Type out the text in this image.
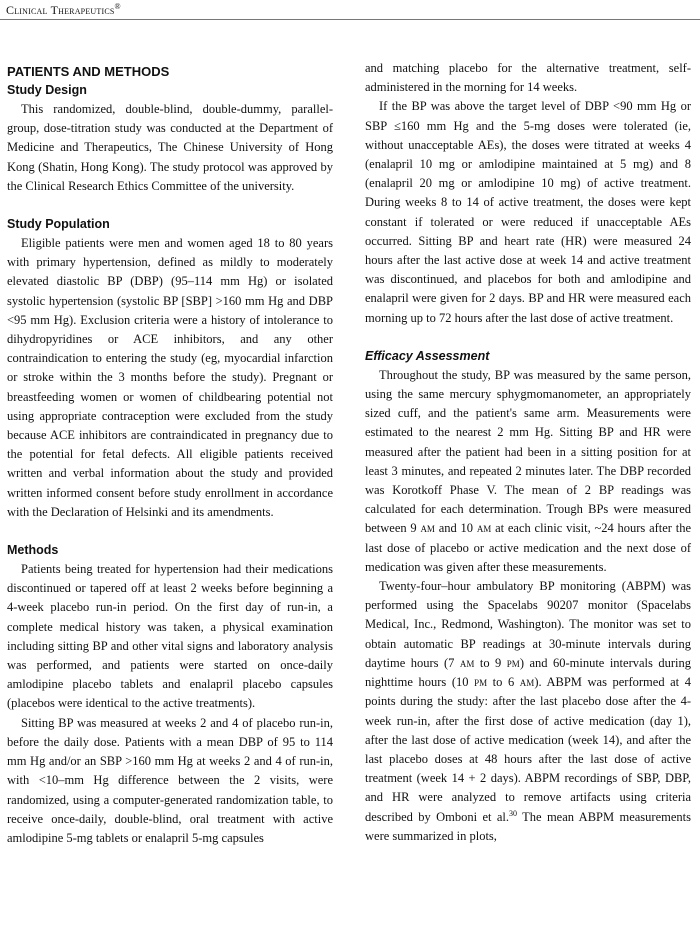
Clinical Therapeutics®
PATIENTS AND METHODS
Study Design

This randomized, double-blind, double-dummy, parallel-group, dose-titration study was conducted at the Department of Medicine and Therapeutics, The Chinese University of Hong Kong (Shatin, Hong Kong). The study protocol was approved by the Clinical Research Ethics Committee of the university.

Study Population

Eligible patients were men and women aged 18 to 80 years with primary hypertension, defined as mildly to moderately elevated diastolic BP (DBP) (95–114 mm Hg) or isolated systolic hypertension (systolic BP [SBP] >160 mm Hg and DBP <95 mm Hg). Exclusion criteria were a history of intolerance to dihydropyridines or ACE inhibitors, and any other contraindication to entering the study (eg, myocardial infarction or stroke within the 3 months before the study). Pregnant or breastfeeding women or women of childbearing potential not using appropriate contraception were excluded from the study because ACE inhibitors are contraindicated in pregnancy due to the potential for fetal defects. All eligible patients received written and verbal information about the study and provided written informed consent before study enrollment in accordance with the Declaration of Helsinki and its amendments.

Methods

Patients being treated for hypertension had their medications discontinued or tapered off at least 2 weeks before beginning a 4-week placebo run-in period. On the first day of run-in, a complete medical history was taken, a physical examination including sitting BP and other vital signs and laboratory analysis was performed, and patients were started on once-daily amlodipine placebo tablets and enalapril placebo capsules (placebos were identical to the active treatments).

Sitting BP was measured at weeks 2 and 4 of placebo run-in, before the daily dose. Patients with a mean DBP of 95 to 114 mm Hg and/or an SBP >160 mm Hg at weeks 2 and 4 of run-in, with <10–mm Hg difference between the 2 visits, were randomized, using a computer-generated randomization table, to receive once-daily, double-blind, oral treatment with active amlodipine 5-mg tablets or enalapril 5-mg capsules

and matching placebo for the alternative treatment, self-administered in the morning for 14 weeks.

If the BP was above the target level of DBP <90 mm Hg or SBP ≤160 mm Hg and the 5-mg doses were tolerated (ie, without unacceptable AEs), the doses were titrated at weeks 4 (enalapril 10 mg or amlodipine maintained at 5 mg) and 8 (enalapril 20 mg or amlodipine 10 mg) of active treatment. During weeks 8 to 14 of active treatment, the doses were kept constant if tolerated or were reduced if unacceptable AEs occurred. Sitting BP and heart rate (HR) were measured 24 hours after the last active dose at week 14 and active treatment was discontinued, and placebos for both and amlodipine and enalapril were given for 2 days. BP and HR were measured each morning up to 72 hours after the last dose of active treatment.

Efficacy Assessment

Throughout the study, BP was measured by the same person, using the same mercury sphygmomanometer, an appropriately sized cuff, and the patient's same arm. Measurements were estimated to the nearest 2 mm Hg. Sitting BP and HR were measured after the patient had been in a sitting position for at least 3 minutes, and repeated 2 minutes later. The DBP recorded was Korotkoff Phase V. The mean of 2 BP readings was calculated for each determination. Trough BPs were measured between 9 am and 10 am at each clinic visit, ~24 hours after the last dose of placebo or active medication and the next dose of medication was given after these measurements.

Twenty-four–hour ambulatory BP monitoring (ABPM) was performed using the Spacelabs 90207 monitor (Spacelabs Medical, Inc., Redmond, Washington). The monitor was set to obtain automatic BP readings at 30-minute intervals during daytime hours (7 am to 9 pm) and 60-minute intervals during nighttime hours (10 pm to 6 am). ABPM was performed at 4 points during the study: after the last placebo dose after the 4-week run-in, after the first dose of active medication (day 1), after the last dose of active medication (week 14), and after the last placebo doses at 48 hours after the last dose of active treatment (week 14 + 2 days). ABPM recordings of SBP, DBP, and HR were analyzed to remove artifacts using criteria described by Omboni et al.$^{30}$ The mean ABPM measurements were summarized in plots,
